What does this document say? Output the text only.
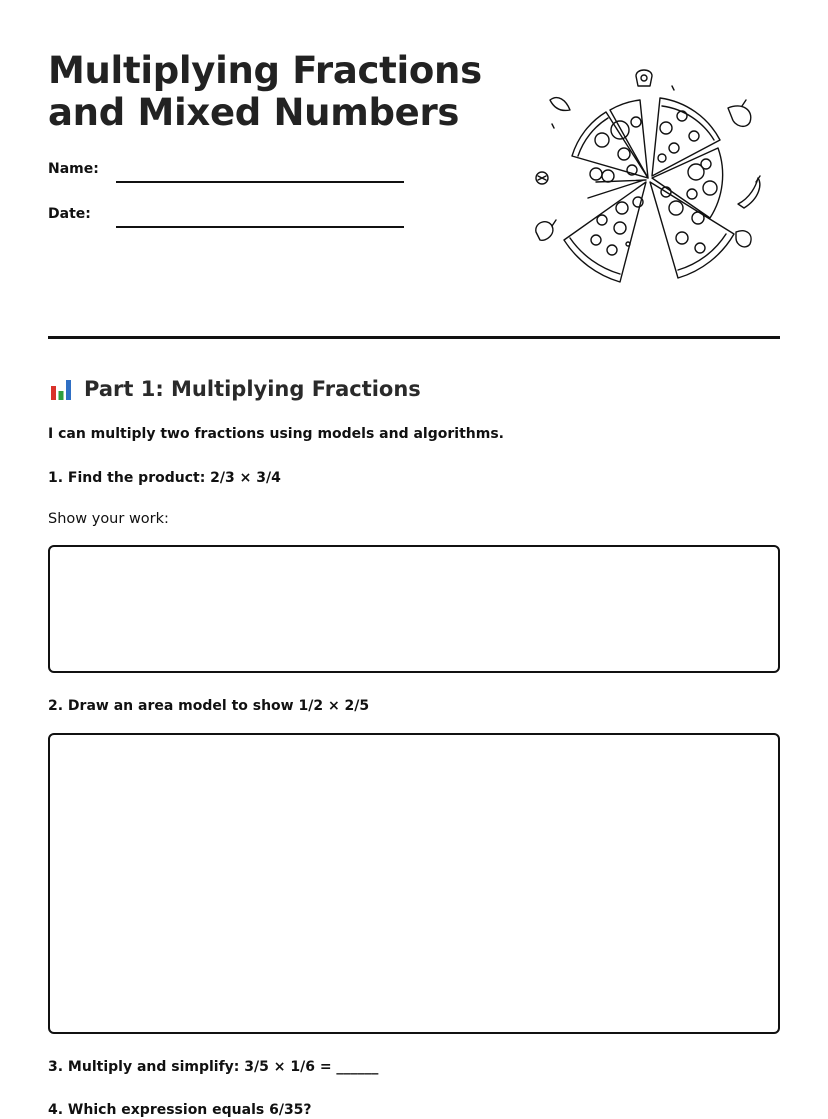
Multiplying Fractions
and Mixed Numbers
Name:
Date:
Part 1: Multiplying Fractions
I can multiply two fractions using models and algorithms.
1. Find the product: 2/3 × 3/4
Show your work:
2. Draw an area model to show 1/2 × 2/5
3. Multiply and simplify: 3/5 × 1/6 = ______
4. Which expression equals 6/35?
